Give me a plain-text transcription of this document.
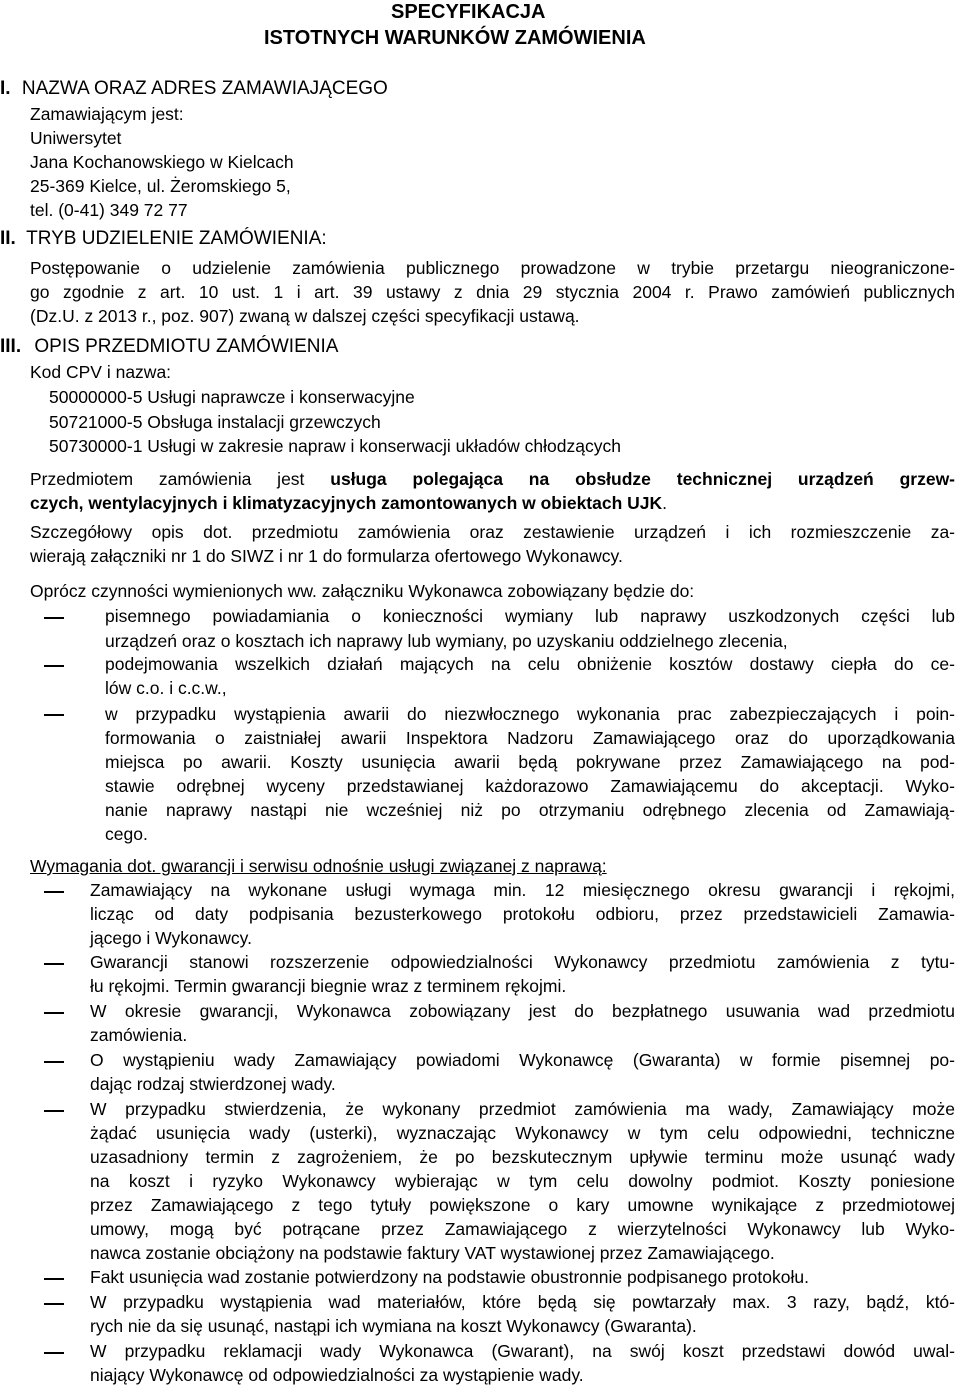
SPECYFIKACJA
ISTOTNYCH WARUNKÓW ZAMÓWIENIA
I. NAZWA ORAZ ADRES ZAMAWIAJĄCEGO
Zamawiającym jest:
Uniwersytet
Jana Kochanowskiego w Kielcach
25-369 Kielce, ul. Żeromskiego 5,
tel. (0-41) 349 72 77
II. TRYB UDZIELENIE ZAMÓWIENIA:
Postępowanie o udzielenie zamówienia publicznego prowadzone w trybie przetargu nieograniczone-
go zgodnie z art. 10 ust. 1 i art. 39 ustawy z dnia 29 stycznia 2004 r. Prawo zamówień publicznych
(Dz.U. z 2013 r., poz. 907) zwaną w dalszej części specyfikacji ustawą.
III. OPIS PRZEDMIOTU ZAMÓWIENIA
Kod CPV i nazwa:
50000000-5 Usługi naprawcze i konserwacyjne
50721000-5 Obsługa instalacji grzewczych
50730000-1 Usługi w zakresie napraw i konserwacji układów chłodzących
Przedmiotem zamówienia jest usługa polegająca na obsłudze technicznej urządzeń grzew-
czych, wentylacyjnych i klimatyzacyjnych zamontowanych w obiektach UJK.
Szczegółowy opis dot. przedmiotu zamówienia oraz zestawienie urządzeń i ich rozmieszczenie za-
wierają załączniki nr 1 do SIWZ i nr 1 do formularza ofertowego Wykonawcy.
Oprócz czynności wymienionych ww. załączniku Wykonawca zobowiązany będzie do:
pisemnego powiadamiania o konieczności wymiany lub naprawy uszkodzonych części lub
urządzeń oraz o kosztach ich naprawy lub wymiany, po uzyskaniu oddzielnego zlecenia,
podejmowania wszelkich działań mających na celu obniżenie kosztów dostawy ciepła do ce-
lów c.o. i c.c.w.,
w przypadku wystąpienia awarii do niezwłocznego wykonania prac zabezpieczających i poin-
formowania o zaistniałej awarii Inspektora Nadzoru Zamawiającego oraz do uporządkowania
miejsca po awarii. Koszty usunięcia awarii będą pokrywane przez Zamawiającego na pod-
stawie odrębnej wyceny przedstawianej każdorazowo Zamawiającemu do akceptacji. Wyko-
nanie naprawy nastąpi nie wcześniej niż po otrzymaniu odrębnego zlecenia od Zamawiają-
cego.
Wymagania dot. gwarancji i serwisu odnośnie usługi związanej z naprawą:
Zamawiający na wykonane usługi wymaga min. 12 miesięcznego okresu gwarancji i rękojmi,
licząc od daty podpisania bezusterkowego protokołu odbioru, przez przedstawicieli Zamawia-
jącego i Wykonawcy.
Gwarancji stanowi rozszerzenie odpowiedzialności Wykonawcy przedmiotu zamówienia z tytu-
łu rękojmi. Termin gwarancji biegnie wraz z terminem rękojmi.
W okresie gwarancji, Wykonawca zobowiązany jest do bezpłatnego usuwania wad przedmiotu
zamówienia.
O wystąpieniu wady Zamawiający powiadomi Wykonawcę (Gwaranta) w formie pisemnej po-
dając rodzaj stwierdzonej wady.
W przypadku stwierdzenia, że wykonany przedmiot zamówienia ma wady, Zamawiający może
żądać usunięcia wady (usterki), wyznaczając Wykonawcy w tym celu odpowiedni, techniczne
uzasadniony termin z zagrożeniem, że po bezskutecznym upływie terminu może usunąć wady
na koszt i ryzyko Wykonawcy wybierając w tym celu dowolny podmiot. Koszty poniesione
przez Zamawiającego z tego tytuły powiększone o kary umowne wynikające z przedmiotowej
umowy, mogą być potrącane przez Zamawiającego z wierzytelności Wykonawcy lub Wyko-
nawca zostanie obciążony na podstawie faktury VAT wystawionej przez Zamawiającego.
Fakt usunięcia wad zostanie potwierdzony na podstawie obustronnie podpisanego protokołu.
W przypadku wystąpienia wad materiałów, które będą się powtarzały max. 3 razy, bądź, któ-
rych nie da się usunąć, nastąpi ich wymiana na koszt Wykonawcy (Gwaranta).
W przypadku reklamacji wady Wykonawca (Gwarant), na swój koszt przedstawi dowód uwal-
niający Wykonawcę od odpowiedzialności za wystąpienie wady.
